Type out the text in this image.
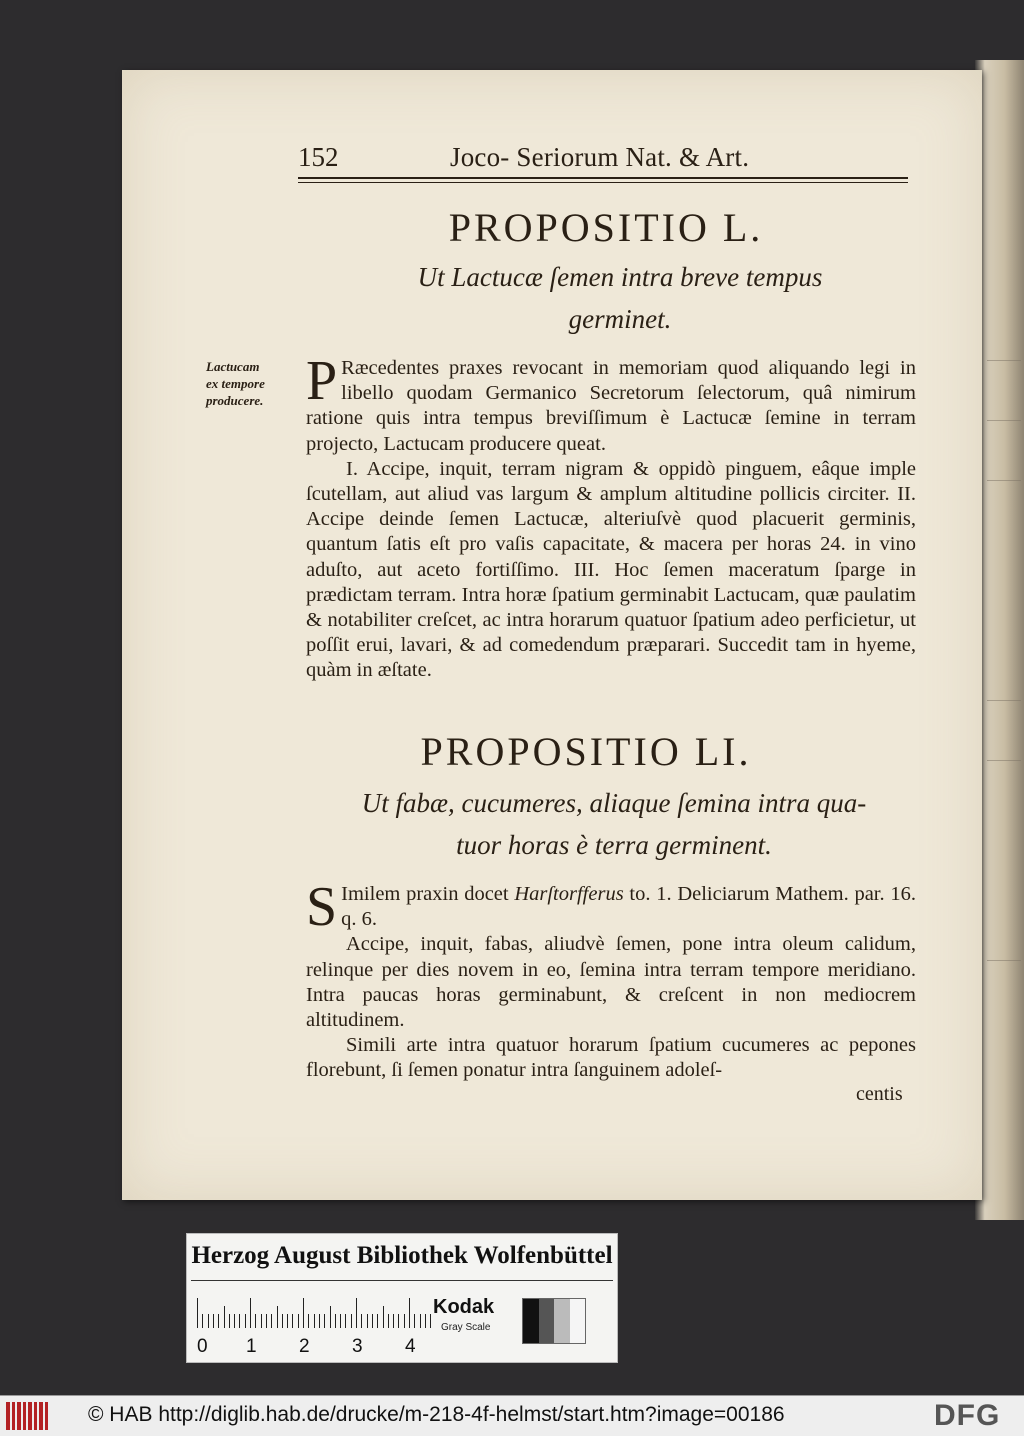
152	Joco- Seriorum Nat. & Art.
PROPOSITIO L.
Ut Lactucæ ſemen intra breve tempus
germinet.
Lactucam
ex tempore
producere. P Ræcedentes praxes revocant in memoriam quod aliquando legi in libello quodam Germanico Secretorum ſelectorum, quâ nimirum ratione quis intra tempus breviſſimum è Lactucæ ſemine in terram projecto, Lactucam producere queat.

I. Accipe, inquit, terram nigram & oppidò pinguem, eâque imple ſcutellam, aut aliud vas largum & amplum altitudine pollicis circiter. II. Accipe deinde ſemen Lactucæ, alteriuſvè quod placuerit germinis, quantum ſatis eſt pro vaſis capacitate, & macera per horas 24. in vino aduſto, aut aceto fortiſſimo. III. Hoc ſemen maceratum ſparge in prædictam terram. Intra horæ ſpatium germinabit Lactucam, quæ paulatim & notabiliter creſcet, ac intra horarum quatuor ſpatium adeo perficietur, ut poſſit erui, lavari, & ad comedendum præparari. Succedit tam in hyeme, quàm in æſtate.

PROPOSITIO LI.
Ut fabæ, cucumeres, aliaque ſemina intra qua-
tuor horas è terra germinent.

S Imilem praxin docet Harſtorfferus to. 1. Deliciarum Mathem. par. 16. q. 6.

Accipe, inquit, fabas, aliudvè ſemen, pone intra oleum calidum, relinque per dies novem in eo, ſemina intra terram tempore meridiano. Intra paucas horas germinabunt, & creſcent in non mediocrem altitudinem.

Simili arte intra quatuor horarum ſpatium cucumeres ac pepones florebunt, ſi ſemen ponatur intra ſanguinem adoleſ-

centis
Herzog August Bibliothek Wolfenbüttel
0 1 2 3 4
Kodak
Gray Scale
© HAB http://diglib.hab.de/drucke/m-218-4f-helmst/start.htm?image=00186	DFG
